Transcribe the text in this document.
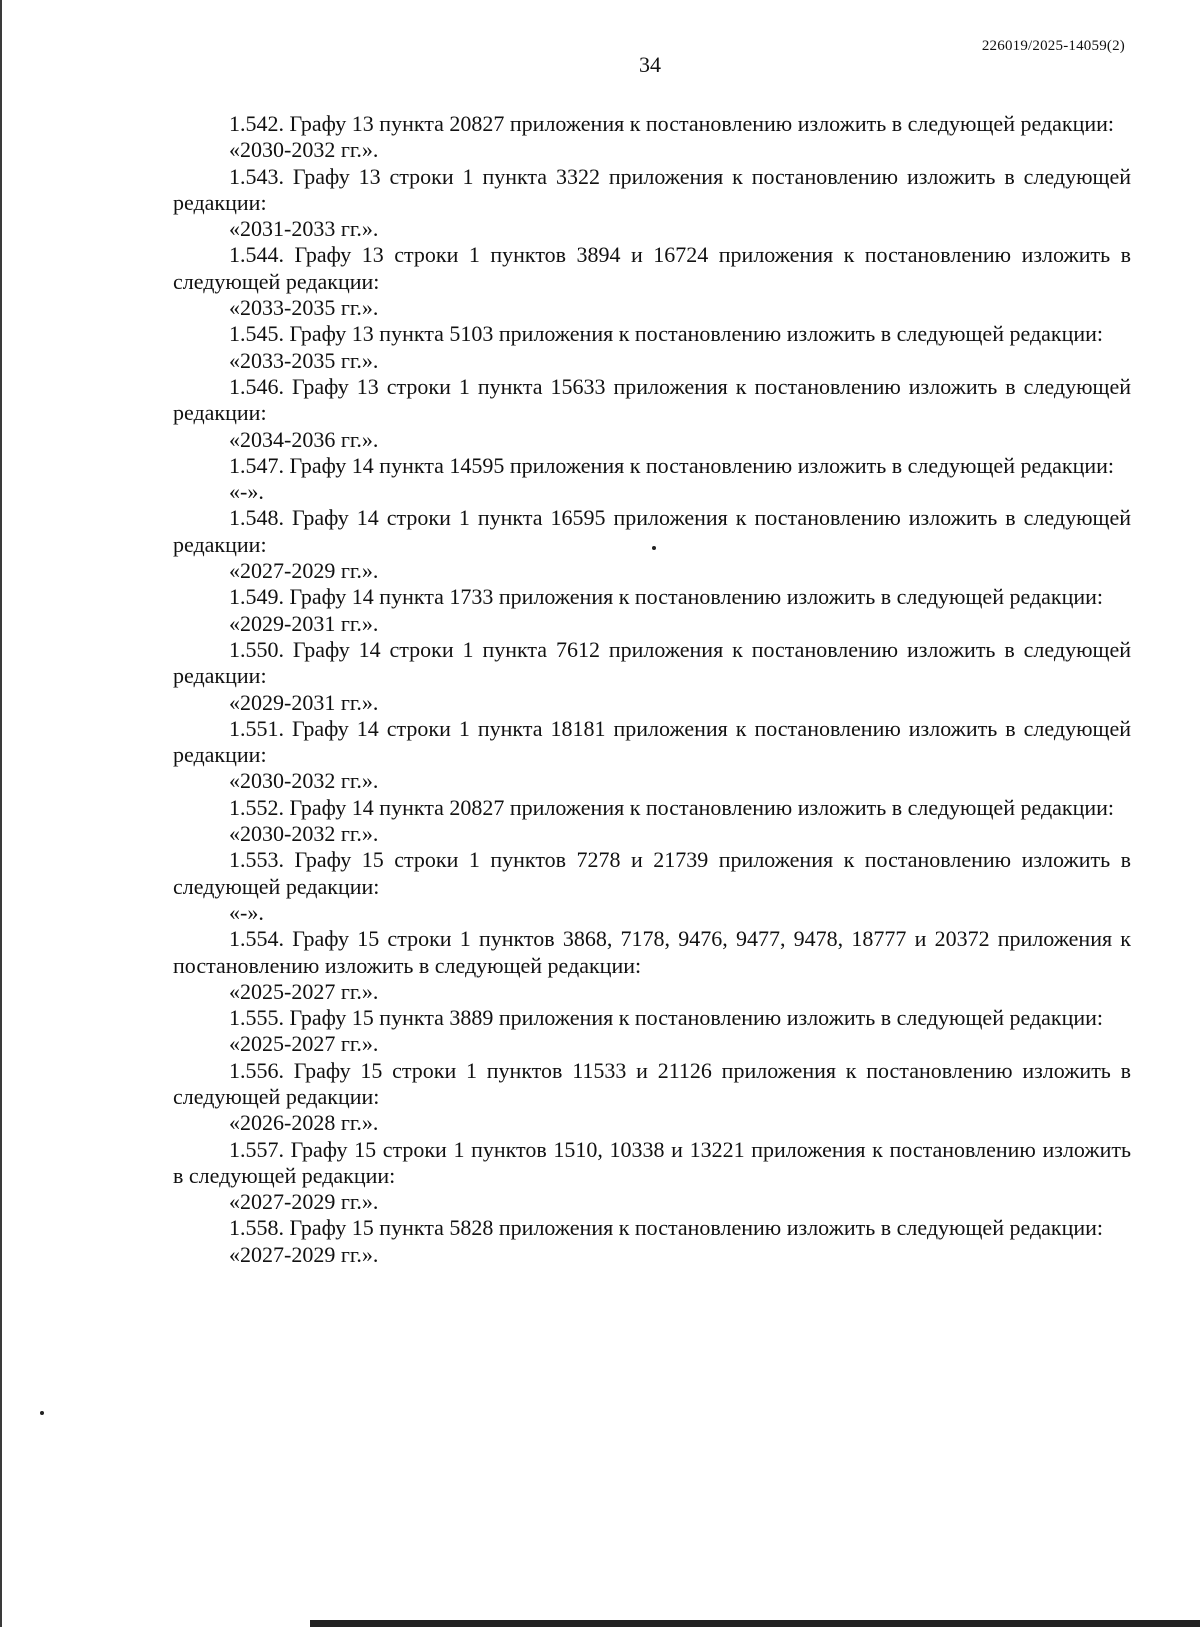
226019/2025-14059(2)
34

1.542. Графу 13 пункта 20827 приложения к постановлению изложить в следующей редакции:

«2030-2032 гг.».

1.543. Графу 13 строки 1 пункта 3322 приложения к постановлению изложить в следующей редакции:

«2031-2033 гг.».

1.544. Графу 13 строки 1 пунктов 3894 и 16724 приложения к постановлению изложить в следующей редакции:

«2033-2035 гг.».

1.545. Графу 13 пункта 5103 приложения к постановлению изложить в следующей редакции:

«2033-2035 гг.».

1.546. Графу 13 строки 1 пункта 15633 приложения к постановлению изложить в следующей редакции:

«2034-2036 гг.».

1.547. Графу 14 пункта 14595 приложения к постановлению изложить в следующей редакции:

«-».

1.548. Графу 14 строки 1 пункта 16595 приложения к постановлению изложить в следующей редакции:

«2027-2029 гг.».

1.549. Графу 14 пункта 1733 приложения к постановлению изложить в следующей редакции:

«2029-2031 гг.».

1.550. Графу 14 строки 1 пункта 7612 приложения к постановлению изложить в следующей редакции:

«2029-2031 гг.».

1.551. Графу 14 строки 1 пункта 18181 приложения к постановлению изложить в следующей редакции:

«2030-2032 гг.».

1.552. Графу 14 пункта 20827 приложения к постановлению изложить в следующей редакции:

«2030-2032 гг.».

1.553. Графу 15 строки 1 пунктов 7278 и 21739 приложения к постановлению изложить в следующей редакции:

«-».

1.554. Графу 15 строки 1 пунктов 3868, 7178, 9476, 9477, 9478, 18777 и 20372 приложения к постановлению изложить в следующей редакции:

«2025-2027 гг.».

1.555. Графу 15 пункта 3889 приложения к постановлению изложить в следующей редакции:

«2025-2027 гг.».

1.556. Графу 15 строки 1 пунктов 11533 и 21126 приложения к постановлению изложить в следующей редакции:

«2026-2028 гг.».

1.557. Графу 15 строки 1 пунктов 1510, 10338 и 13221 приложения к постановлению изложить в следующей редакции:

«2027-2029 гг.».

1.558. Графу 15 пункта 5828 приложения к постановлению изложить в следующей редакции:

«2027-2029 гг.».
